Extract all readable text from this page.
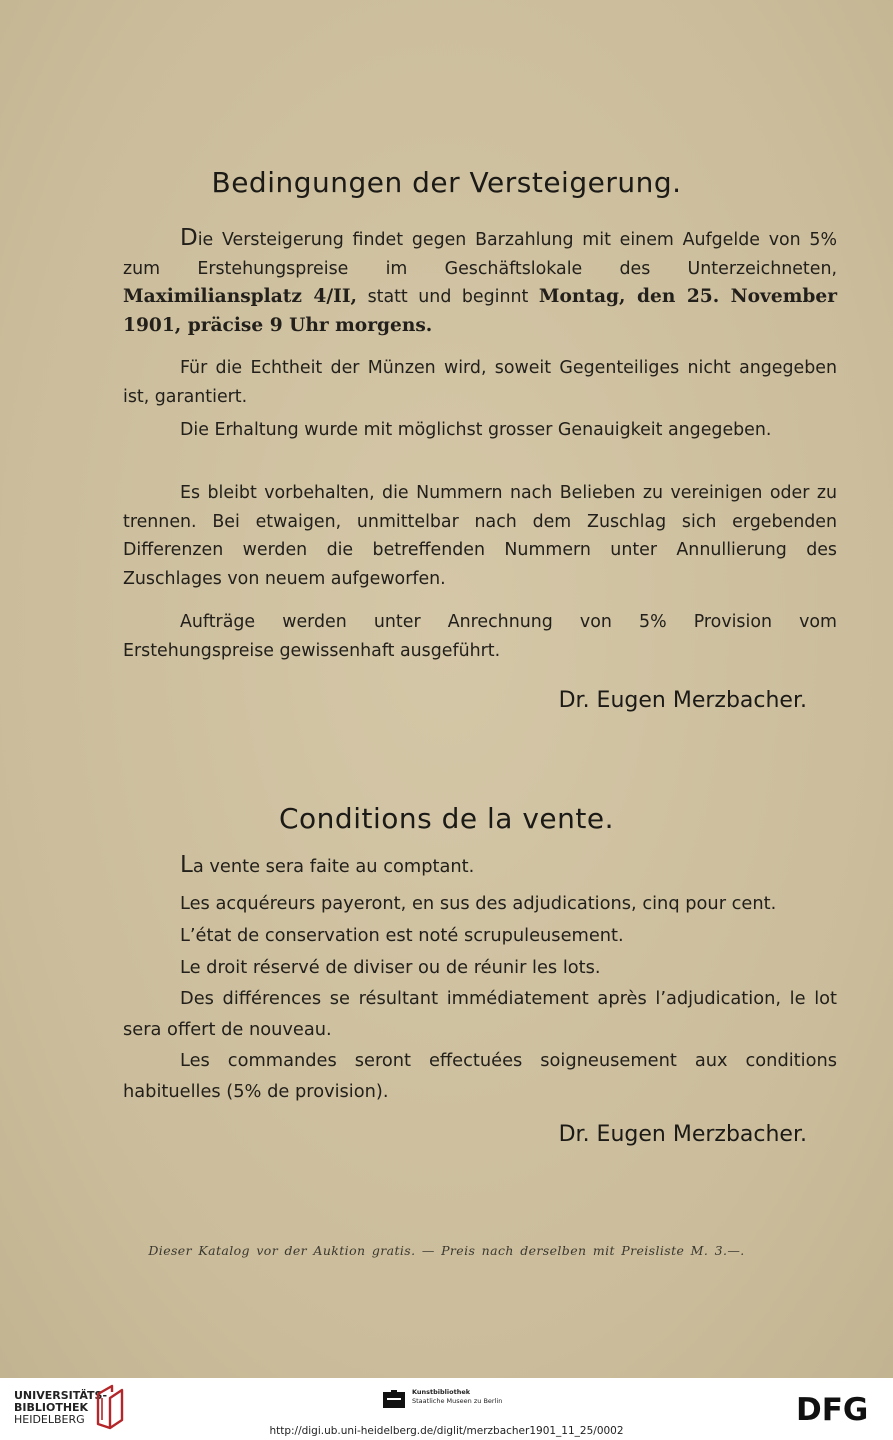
Bedingungen der Versteigerung.

Die Versteigerung findet gegen Barzahlung mit einem Aufgelde von 5% zum Erstehungspreise im Geschäftslokale des Unterzeichneten, Maximiliansplatz 4/II, statt und beginnt Montag, den 25. November 1901, präcise 9 Uhr morgens.

Für die Echtheit der Münzen wird, soweit Gegenteiliges nicht angegeben ist, garantiert.

Die Erhaltung wurde mit möglichst grosser Genauigkeit angegeben.

Es bleibt vorbehalten, die Nummern nach Belieben zu vereinigen oder zu trennen. Bei etwaigen, unmittelbar nach dem Zuschlag sich ergebenden Differenzen werden die betreffenden Nummern unter Annullierung des Zuschlages von neuem aufgeworfen.

Aufträge werden unter Anrechnung von 5% Provision vom Erstehungspreise gewissenhaft ausgeführt.

Dr. Eugen Merzbacher.
Conditions de la vente.

La vente sera faite au comptant.

Les acquéreurs payeront, en sus des adjudications, cinq pour cent.

L’état de conservation est noté scrupuleusement.

Le droit réservé de diviser ou de réunir les lots.

Des différences se résultant immédiatement après l’adjudication, le lot sera offert de nouveau.

Les commandes seront effectuées soigneusement aux conditions habituelles (5% de provision).

Dr. Eugen Merzbacher.
Dieser Katalog vor der Auktion gratis. — Preis nach derselben mit Preisliste M. 3.—.
UNIVERSITÄTS-
BIBLIOTHEK
HEIDELBERG
Kunstbibliothek
Staatliche Museen zu Berlin	DFG
http://digi.ub.uni-heidelberg.de/diglit/merzbacher1901_11_25/0002
